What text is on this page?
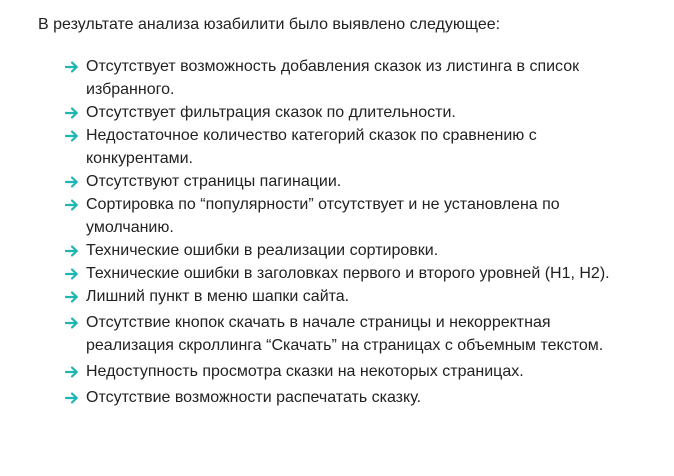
В результате анализа юзабилити было выявлено следующее:

Отсутствует возможность добавления сказок из листинга в список избранного.
Отсутствует фильтрация сказок по длительности.
Недостаточное количество категорий сказок по сравнению с конкурентами.
Отсутствуют страницы пагинации.
Сортировка по “популярности” отсутствует и не установлена по умолчанию.
Технические ошибки в реализации сортировки.
Технические ошибки в заголовках первого и второго уровней (H1, H2).
Лишний пункт в меню шапки сайта.
Отсутствие кнопок скачать в начале страницы и некорректная реализация скроллинга “Скачать” на страницах с объемным текстом.
Недоступность просмотра сказки на некоторых страницах.
Отсутствие возможности распечатать сказку.
